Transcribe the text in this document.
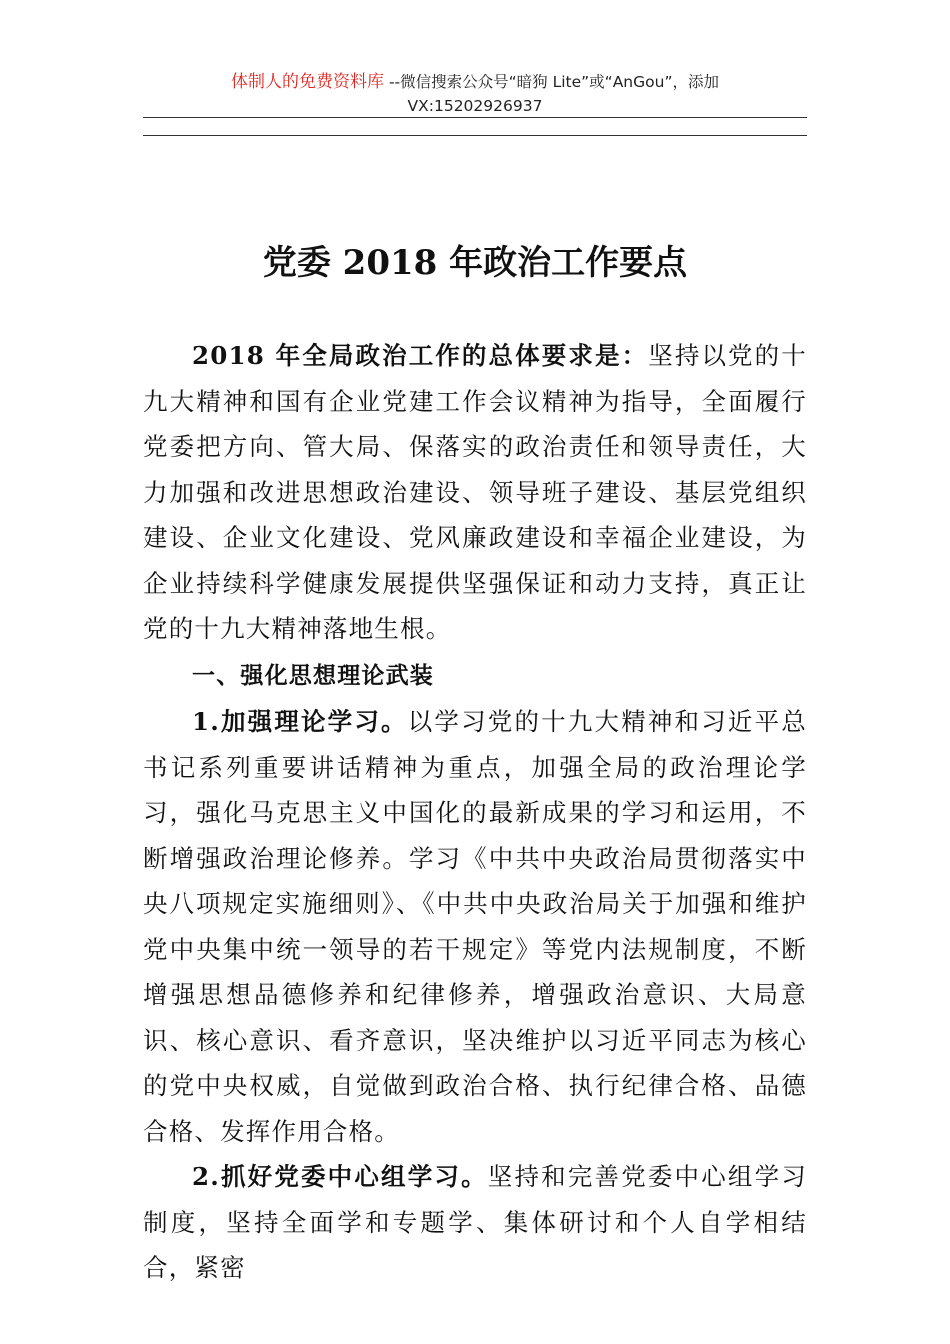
体制人的免费资料库 --微信搜索公众号“暗狗 Lite”或“AnGou”，添加
VX:15202926937
党委 2018 年政治工作要点

2018 年全局政治工作的总体要求是：坚持以党的十九大精神和国有企业党建工作会议精神为指导，全面履行党委把方向、管大局、保落实的政治责任和领导责任，大力加强和改进思想政治建设、领导班子建设、基层党组织建设、企业文化建设、党风廉政建设和幸福企业建设，为企业持续科学健康发展提供坚强保证和动力支持，真正让党的十九大精神落地生根。

一、强化思想理论武装

1.加强理论学习。以学习党的十九大精神和习近平总书记系列重要讲话精神为重点，加强全局的政治理论学习，强化马克思主义中国化的最新成果的学习和运用，不断增强政治理论修养。学习《中共中央政治局贯彻落实中央八项规定实施细则》、《中共中央政治局关于加强和维护党中央集中统一领导的若干规定》等党内法规制度，不断增强思想品德修养和纪律修养，增强政治意识、大局意识、核心意识、看齐意识，坚决维护以习近平同志为核心的党中央权威，自觉做到政治合格、执行纪律合格、品德合格、发挥作用合格。

2.抓好党委中心组学习。坚持和完善党委中心组学习制度，坚持全面学和专题学、集体研讨和个人自学相结合，紧密
